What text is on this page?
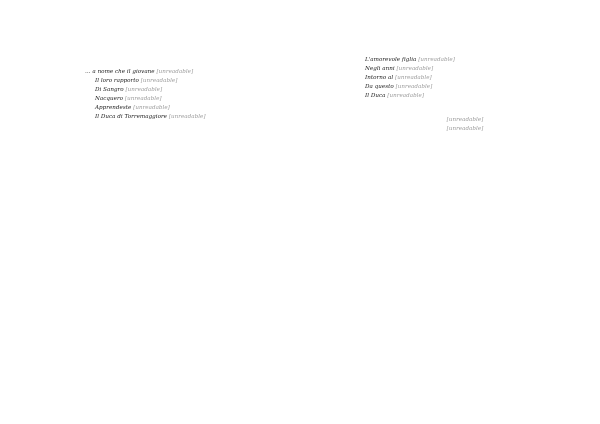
… a nome che il giovane [unreadable]

Il loro rapporto [unreadable]

Di Sangro [unreadable]

Nacquero [unreadable]

Apprendeste [unreadable]

Il Duca di Torremaggiore [unreadable]

L'amorevole figlia [unreadable]

Negli anni [unreadable]

Intorno al [unreadable]

Da questo [unreadable]

Il Duca [unreadable]

[unreadable]
[unreadable]
